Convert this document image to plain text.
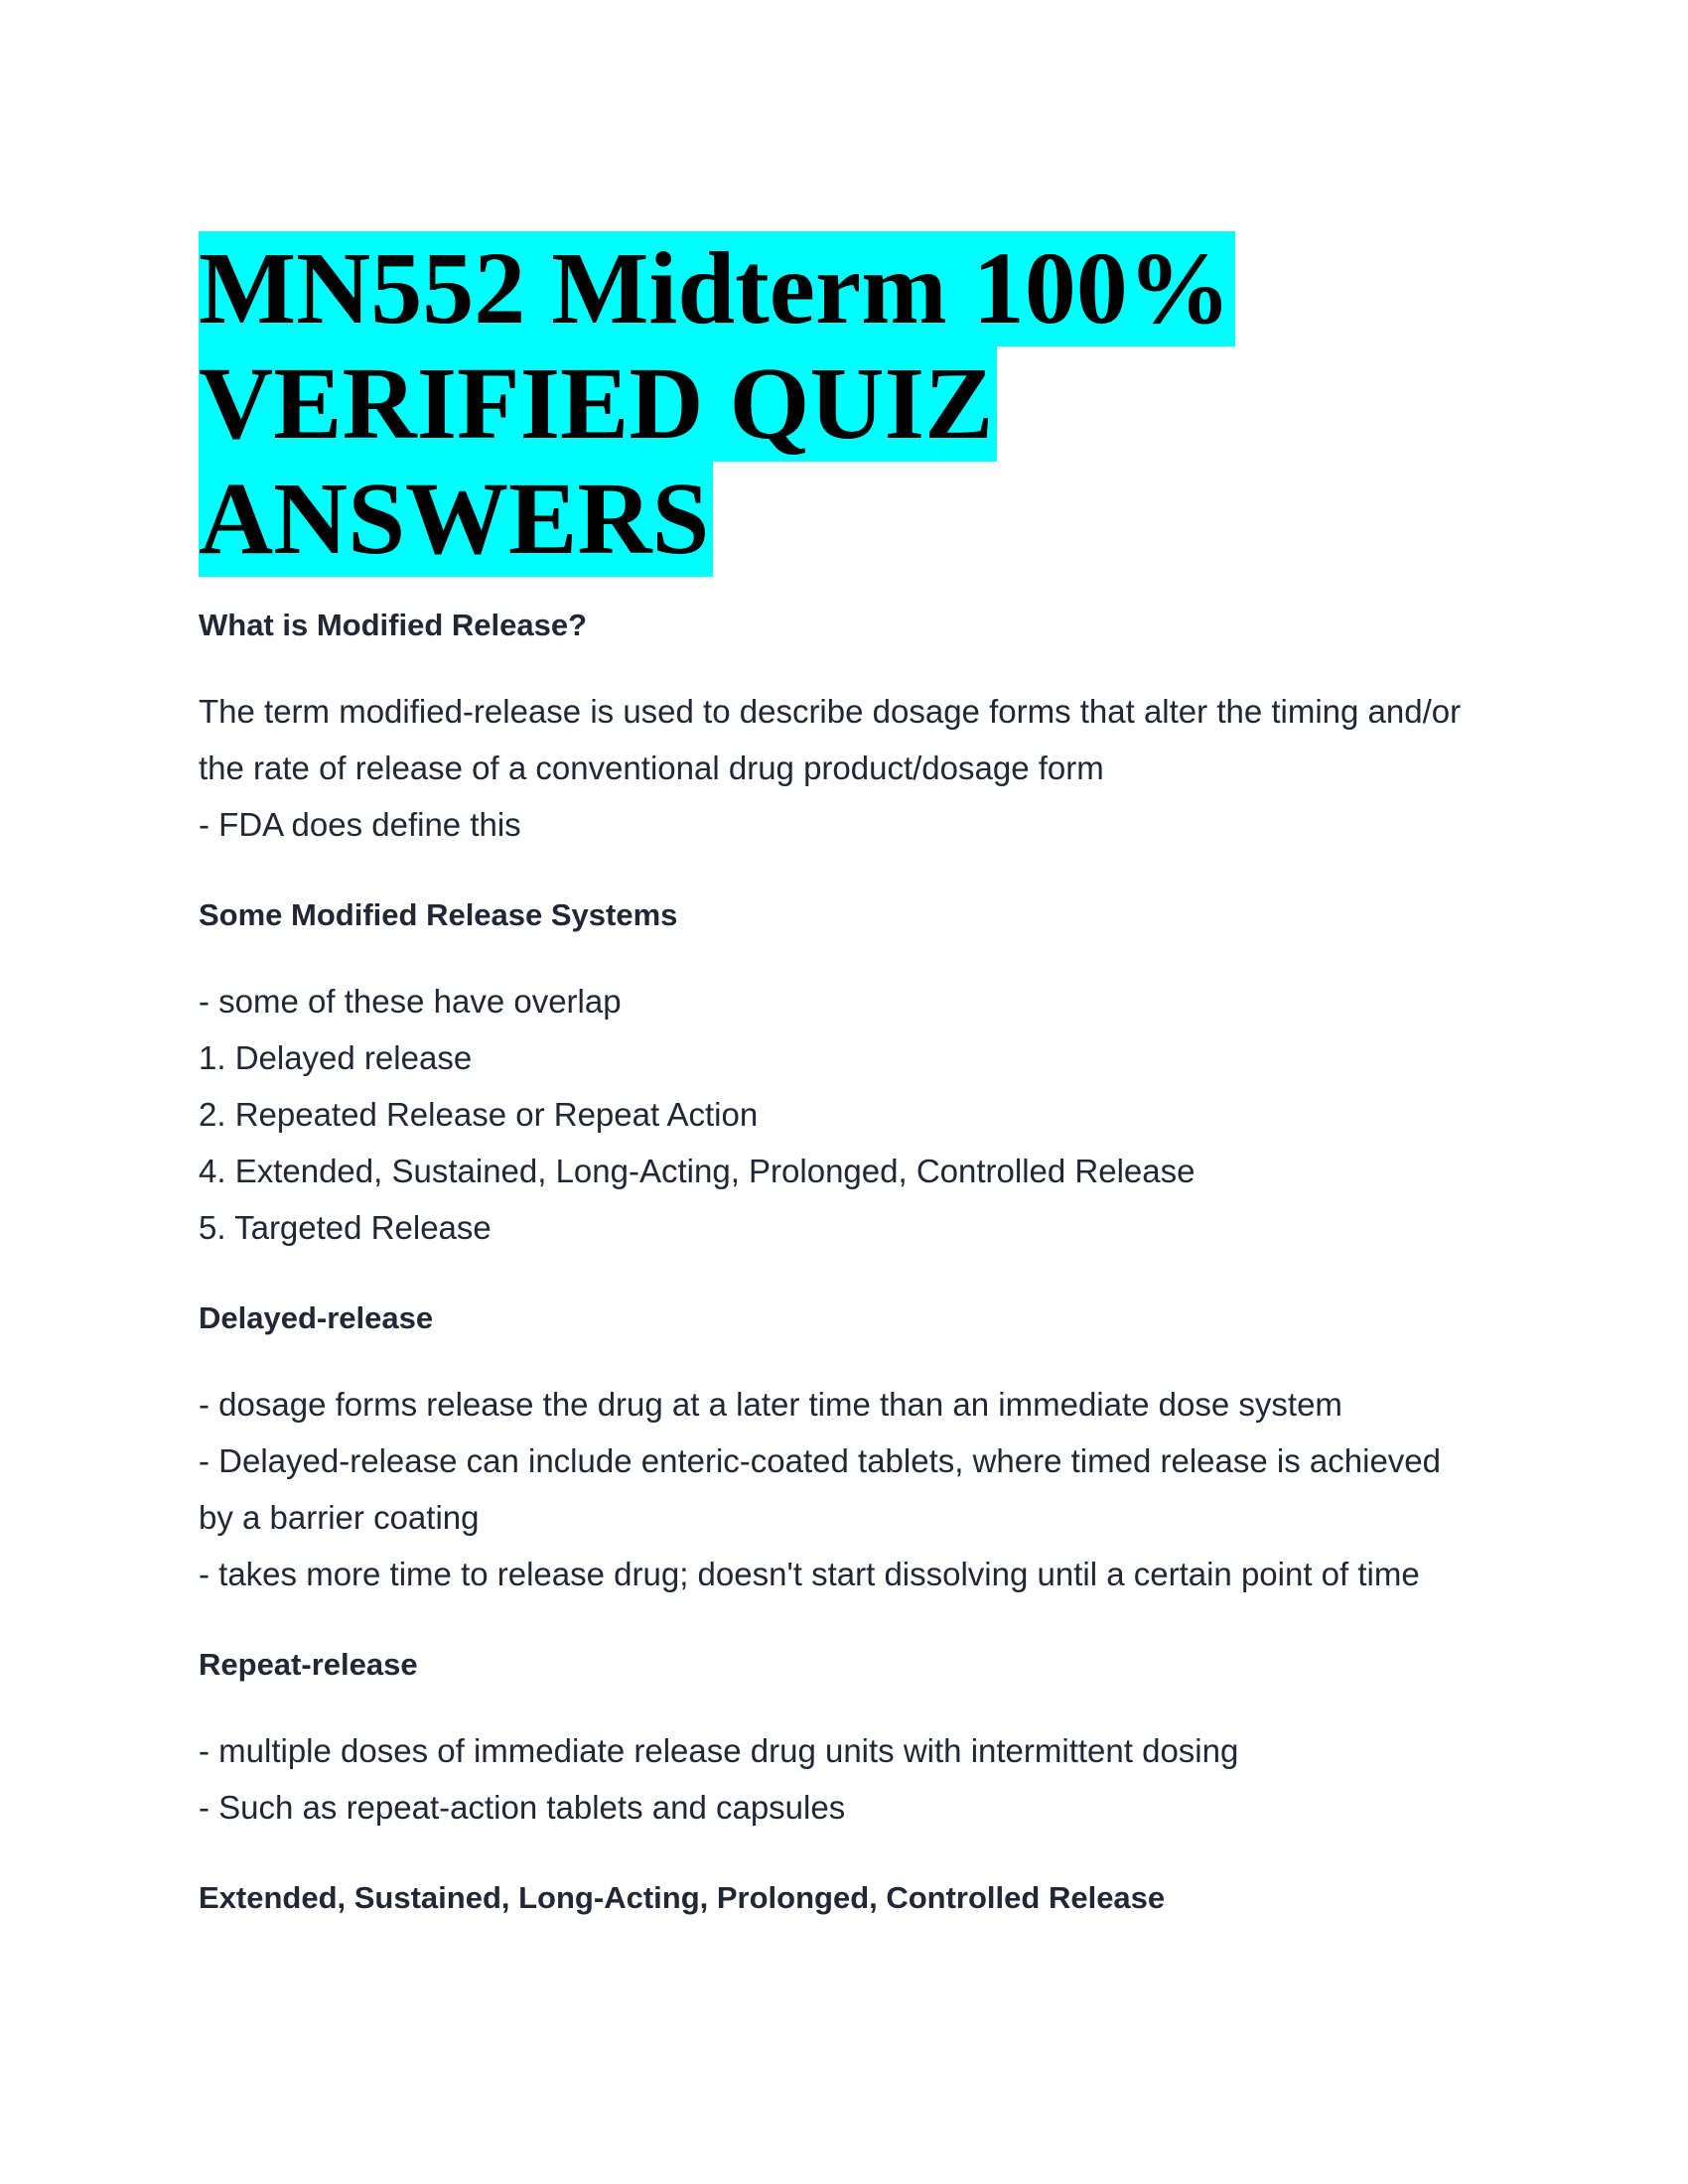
MN552 Midterm 100%
VERIFIED QUIZ
ANSWERS

What is Modified Release?

The term modified-release is used to describe dosage forms that alter the timing and/or

the rate of release of a conventional drug product/dosage form

- FDA does define this

Some Modified Release Systems

- some of these have overlap

1. Delayed release

2. Repeated Release or Repeat Action

4. Extended, Sustained, Long-Acting, Prolonged, Controlled Release

5. Targeted Release

Delayed-release

- dosage forms release the drug at a later time than an immediate dose system

- Delayed-release can include enteric-coated tablets, where timed release is achieved

by a barrier coating

- takes more time to release drug; doesn't start dissolving until a certain point of time

Repeat-release

- multiple doses of immediate release drug units with intermittent dosing

- Such as repeat-action tablets and capsules

Extended, Sustained, Long-Acting, Prolonged, Controlled Release
